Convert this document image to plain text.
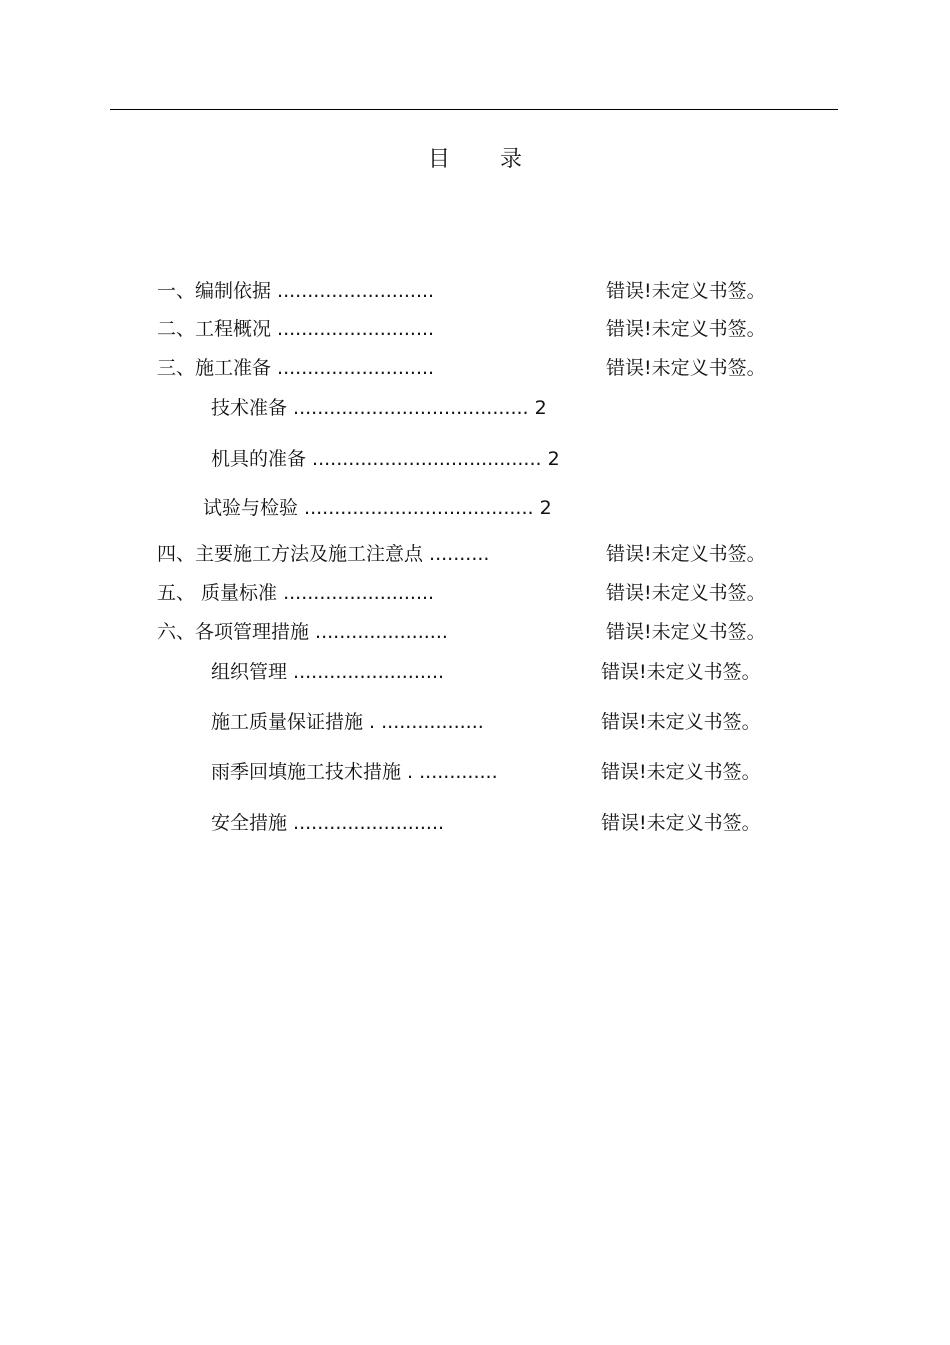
目 录
一、编制依据 ..........................	错误!未定义书签。
二、工程概况 ..........................	错误!未定义书签。
三、施工准备 ..........................	错误!未定义书签。
技术准备 ....................................... 2
机具的准备 ...................................... 2
试验与检验 ...................................... 2
四、主要施工方法及施工注意点 ..........	错误!未定义书签。
五、 质量标准 .........................	错误!未定义书签。
六、各项管理措施 ......................	错误!未定义书签。
组织管理 .........................	错误!未定义书签。
施工质量保证措施 . .................	错误!未定义书签。
雨季回填施工技术措施 . .............	错误!未定义书签。
安全措施 .........................	错误!未定义书签。
